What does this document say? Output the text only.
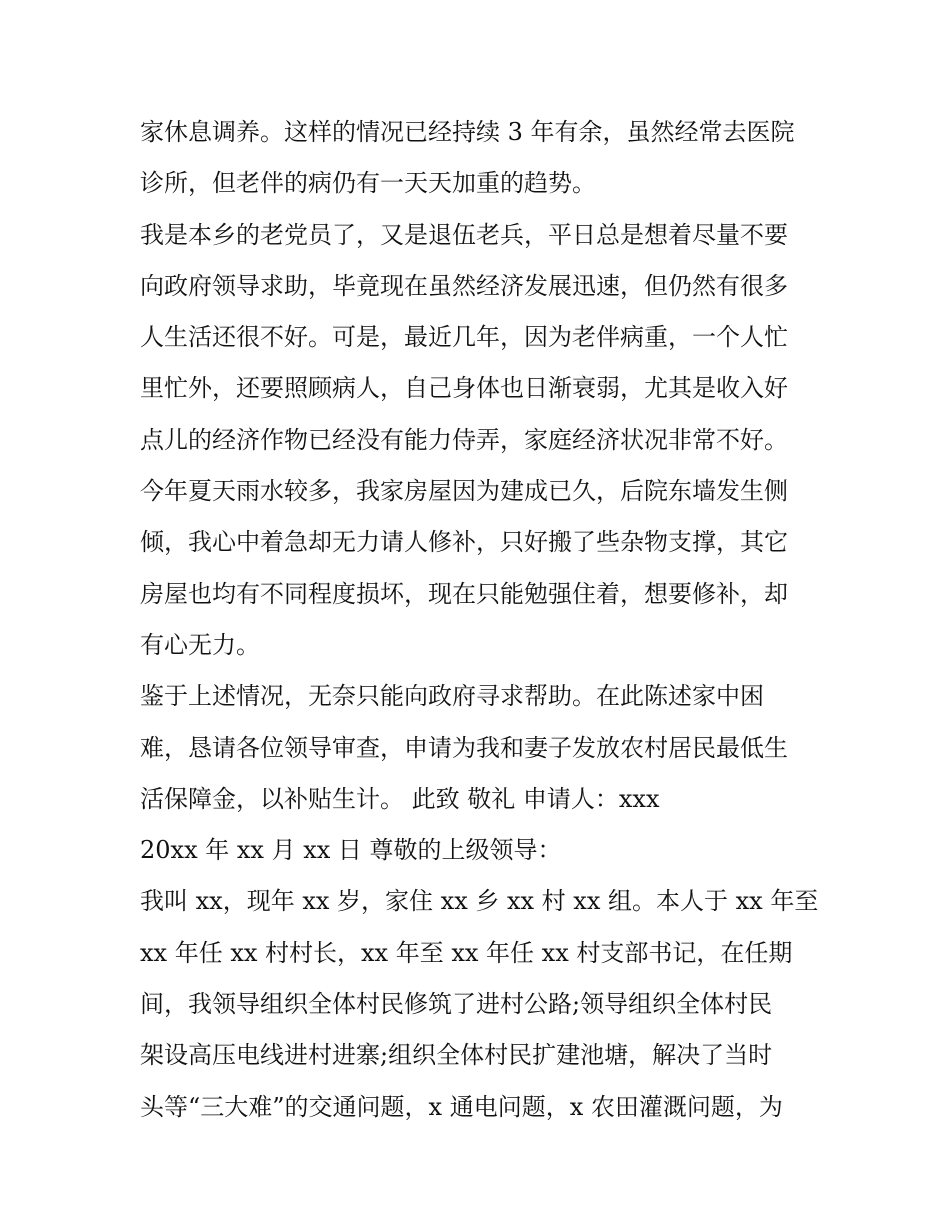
家休息调养。这样的情况已经持续 3 年有余，虽然经常去医院
诊所，但老伴的病仍有一天天加重的趋势。
我是本乡的老党员了，又是退伍老兵，平日总是想着尽量不要
向政府领导求助，毕竟现在虽然经济发展迅速，但仍然有很多
人生活还很不好。可是，最近几年，因为老伴病重，一个人忙
里忙外，还要照顾病人，自己身体也日渐衰弱，尤其是收入好
点儿的经济作物已经没有能力侍弄，家庭经济状况非常不好。
今年夏天雨水较多，我家房屋因为建成已久，后院东墙发生侧
倾，我心中着急却无力请人修补，只好搬了些杂物支撑，其它
房屋也均有不同程度损坏，现在只能勉强住着，想要修补，却
有心无力。
鉴于上述情况，无奈只能向政府寻求帮助。在此陈述家中困
难，恳请各位领导审查，申请为我和妻子发放农村居民最低生
活保障金，以补贴生计。 此致 敬礼 申请人：xxx
20xx 年 xx 月 xx 日 尊敬的上级领导：
我叫 xx，现年 xx 岁，家住 xx 乡 xx 村 xx 组。本人于 xx 年至
xx 年任 xx 村村长，xx 年至 xx 年任 xx 村支部书记，在任期
间，我领导组织全体村民修筑了进村公路;领导组织全体村民
架设高压电线进村进寨;组织全体村民扩建池塘，解决了当时
头等“三大难”的交通问题，x 通电问题，x 农田灌溉问题，为
